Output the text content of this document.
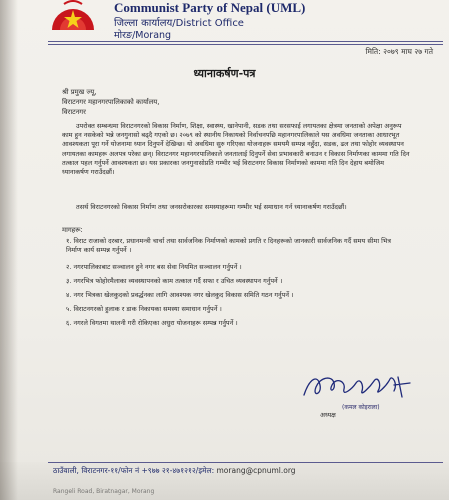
Communist Party of Nepal (UML)
जिल्ला कार्यालय/District Office
मोरङ/Morang
मिति: २०७९ माघ २७ गते
ध्यानाकर्षण-पत्र
श्री प्रमुख ज्यू,
विराटनगर महानगरपालिकाको कार्यालय,
विराटनगर
उपरोक्त सम्बन्धमा विराटनगरको विकास निर्माण, शिक्षा, स्वास्थ्य, खानेपानी, सडक तथा सरसफाई लगायतका क्षेत्रमा जनताको अपेक्षा अनुरूप काम हुन नसकेको भन्ने जनगुनासो बढ्दै गएको छ। २०७९ को स्थानीय निकायको निर्वाचनपछि महानगरपालिकाले यस अवधिमा जनताका आधारभूत आवश्यकता पूरा गर्ने योजनामा ध्यान दिनुपर्ने देखिन्छ। यो अवधिमा सुरु गरिएका योजनाहरू समयमै सम्पन्न नहुँदा, सडक, ढल तथा फोहोर व्यवस्थापन लगायतका कामहरू अलपत्र परेका छन्। विराटनगर महानगरपालिकाले जनतालाई दिनुपर्ने सेवा प्रभावकारी बनाउन र विकास निर्माणका काममा गति दिन तत्काल पहल गर्नुपर्ने आवश्यकता छ। यस प्रकारका जनगुनासोप्रति गम्भीर भई विराटनगर विकास निर्माणको काममा गति दिन देहाय बमोजिम ध्यानाकर्षण गराउँदछौं।
तसर्थ विराटनगरको विकास निर्माण तथा जनसरोकारका समस्याहरूमा गम्भीर भई समाधान गर्न ध्यानाकर्षण गराउँदछौं।
मागहरू:
१. विराट राजाको दरबार, प्रधानमन्त्री चार्चा तथा सार्वजनिक निर्माणको कामको प्रगति र दिनहरूको जानकारी सार्वजनिक गर्दै समय सीमा भित्र निर्माण कार्य सम्पन्न गर्नुपर्ने ।
२. नगरपालिकाबाट सञ्चालन हुने नगर बस सेवा नियमित सञ्चालन गर्नुपर्ने ।
३. नगरभित्र फोहोरमैलाका व्यवस्थापनको काम तत्काल गर्दै सफा र उचित व्यवस्थापन गर्नुपर्ने ।
४. नगर भित्रका खेलकुदको प्रवर्द्धनका लागि आवश्यक नगर खेलकुद विकास समिति गठन गर्नुपर्ने ।
५. विराटनगरको हुलाक र डाक निकायका समस्या समाधान गर्नुपर्ने ।
६. नगरले विगतमा थालनी गरी रोकिएका अधुरा योजनाहरू सम्पन्न गर्नुपर्ने ।
(कमल कोइराला)
अध्यक्ष
ठाउँवाली, विराटनगर-११/फोन नं +९७७ २१-४७१२१२/इमेल: morang@cpnuml.org
Rangeli Road, Biratnagar, Morang
